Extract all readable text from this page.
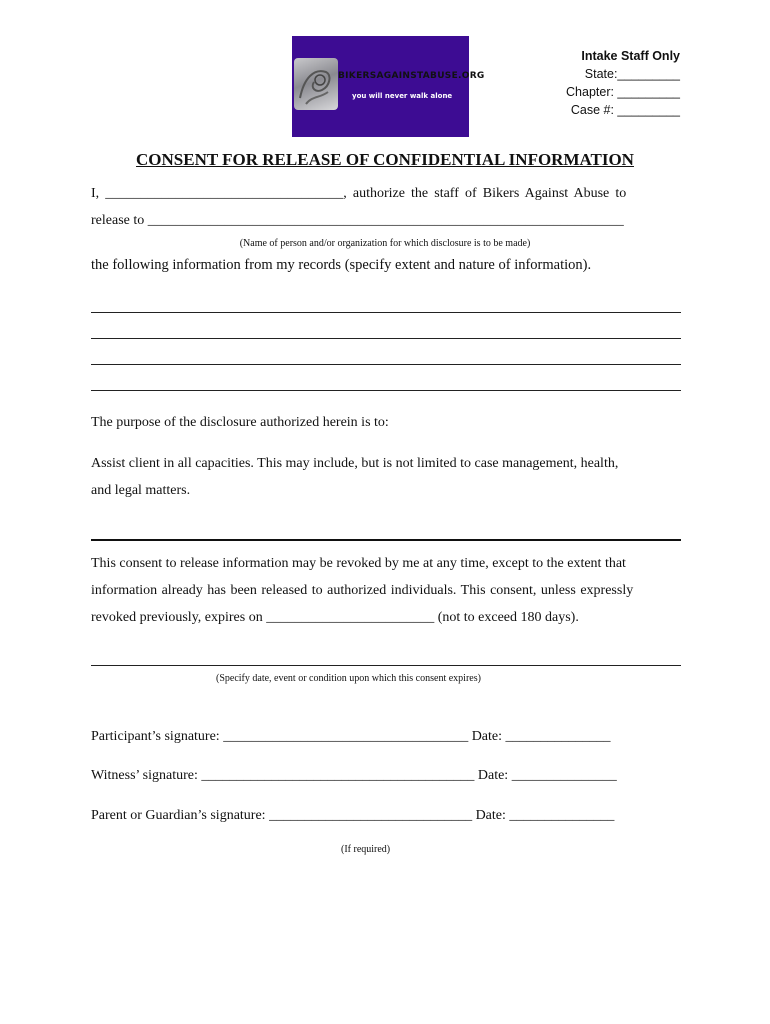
BIKERSAGAINSTABUSE.ORG
you will never walk alone
Intake Staff Only
State:_________
Chapter: _________
Case #: _________
CONSENT FOR RELEASE OF CONFIDENTIAL INFORMATION
I, __________________________________, authorize the staff of Bikers Against Abuse to
release to ____________________________________________________________________
(Name of person and/or organization for which disclosure is to be made)
the following information from my records (specify extent and nature of information).
The purpose of the disclosure authorized herein is to:
Assist client in all capacities. This may include, but is not limited to case management, health,
and legal matters.
This consent to release information may be revoked by me at any time, except to the extent that
information already has been released to authorized individuals. This consent, unless expressly
revoked previously, expires on ________________________ (not to exceed 180 days).
(Specify date, event or condition upon which this consent expires)
Participant’s signature: ___________________________________ Date: _______________
Witness’ signature: _______________________________________ Date: _______________
Parent or Guardian’s signature: _____________________________ Date: _______________
(If required)
